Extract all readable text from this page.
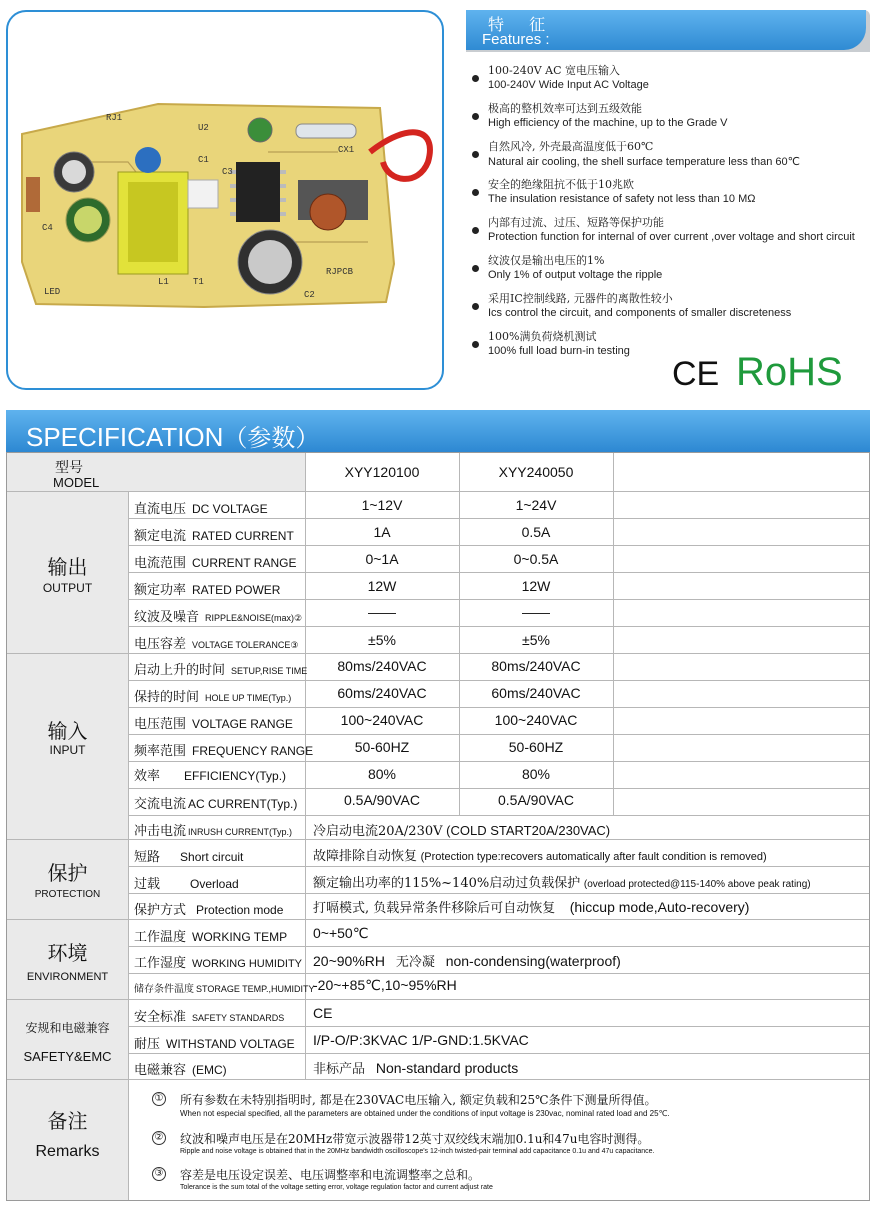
RJ1
U2
C4
C3
CX1
C1
L1	T1
C2
RJPCB
LED
特 征
Features :
100-240V AC 宽电压输入
100-240V Wide Input AC Voltage
极高的整机效率可达到五级效能
High efficiency of the machine, up to the Grade V
自然风冷, 外壳最高温度低于60℃
Natural air cooling, the shell surface temperature less than 60℃
安全的绝缘阻抗不低于10兆欧
The insulation resistance of safety not less than 10 MΩ
内部有过流、过压、短路等保护功能
Protection function for internal of over current ,over voltage and short circuit
纹波仅是输出电压的1%
Only 1% of output voltage the ripple
采用IC控制线路, 元器件的离散性较小
Ics control the circuit, and components of smaller discreteness
100%满负荷烧机测试
100% full load burn-in testing
CE RoHS
SPECIFICATION（参数）
型号
MODEL
XYY120100	XYY240050
输出
OUTPUT
输入
INPUT
保护
PROTECTION
环境
ENVIRONMENT
安规和电磁兼容
SAFETY&EMC
备注
Remarks
直流电压 DC VOLTAGE	1~12V	1~24V
额定电流 RATED CURRENT	1A	0.5A
电流范围 CURRENT RANGE	0~1A	0~0.5A
额定功率 RATED POWER	12W	12W
纹波及噪音 RIPPLE&NOISE(max)②	——	——
电压容差 VOLTAGE TOLERANCE③	±5%	±5%
启动上升的时间 SETUP,RISE TIME	80ms/240VAC	80ms/240VAC
保持的时间 HOLE UP TIME(Typ.)	60ms/240VAC	60ms/240VAC
电压范围 VOLTAGE RANGE	100~240VAC	100~240VAC
频率范围 FREQUENCY RANGE	50-60HZ	50-60HZ
效率 EFFICIENCY(Typ.)	80%	80%
交流电流 AC CURRENT(Typ.)	0.5A/90VAC	0.5A/90VAC
冲击电流 INRUSH CURRENT(Typ.) 冷启动电流20A/230V (COLD START20A/230VAC)
短路 Short circuit	故障排除自动恢复 (Protection type:recovers automatically after fault condition is removed)
过载	Overload	额定输出功率的115%~140%启动过负载保护 (overload protected@115-140% above peak rating)
保护方式 Protection mode 打嗝模式, 负载异常条件移除后可自动恢复 (hiccup mode,Auto-recovery)
工作温度 WORKING TEMP 0~+50℃
工作湿度 WORKING HUMIDITY 20~90%RH 无冷凝 non-condensing(waterproof)
储存条件温度 STORAGE TEMP.,HUMIDITY
-20~+85℃,10~95%RH
安全标准 SAFETY STANDARDS CE
耐压 WITHSTAND VOLTAGE I/P-O/P:3KVAC 1/P-GND:1.5KVAC
电磁兼容 (EMC)	非标产品 Non-standard products
① 所有参数在未特别指明时, 都是在230VAC电压输入, 额定负载和25℃条件下测量所得值。
When not especial specified, all the parameters are obtained under the conditions of input voltage is 230vac, nominal rated load and 25℃.
② 纹波和噪声电压是在20MHz带宽示波器带12英寸双绞线末端加0.1u和47u电容时测得。
Ripple and noise voltage is obtained that in the 20MHz bandwidth oscilloscope's 12-inch twisted-pair terminal add capacitance 0.1u and 47u capacitance.
③ 容差是电压设定误差、电压调整率和电流调整率之总和。
Tolerance is the sum total of the voltage setting error, voltage regulation factor and current adjust rate
